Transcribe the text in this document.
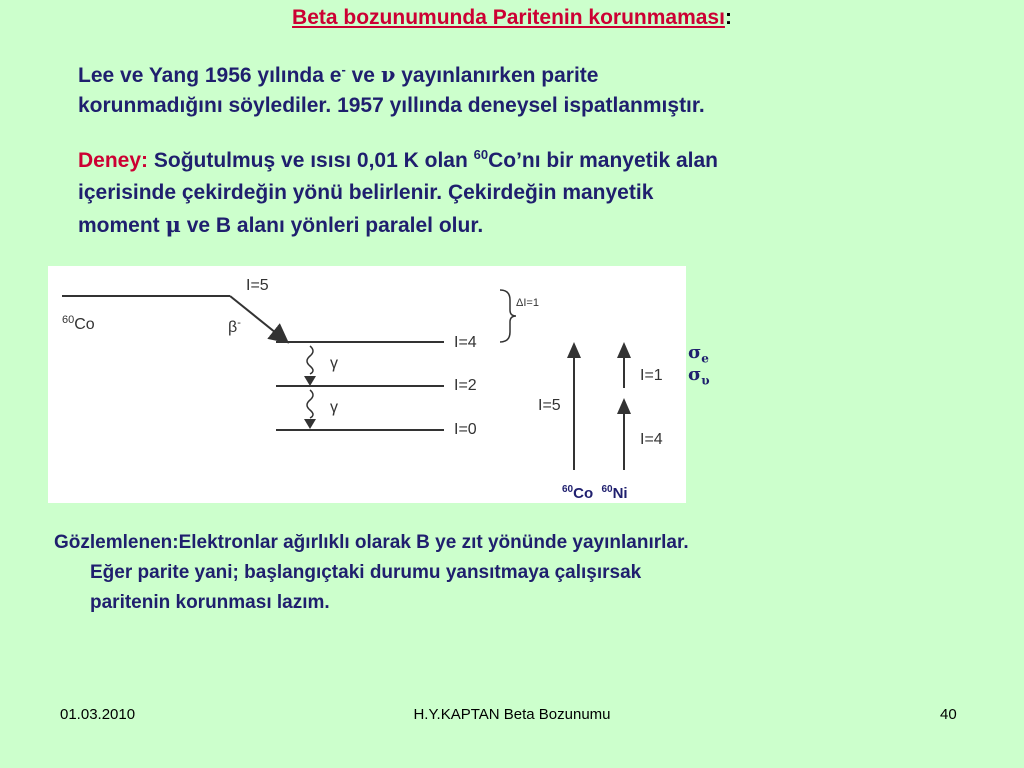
Beta bozunumunda Paritenin korunmaması:
Lee ve Yang 1956 yılında e- ve ν yayınlanırken parite
korunmadığını söylediler. 1957 yıllında deneysel ispatlanmıştır.
Deney: Soğutulmuş ve ısısı 0,01 K olan $^{60}$Co’nı bir manyetik alan
içerisinde çekirdeğin yönü belirlenir. Çekirdeğin manyetik
moment μ ve B alanı yönleri paralel olur.
$^{60}$Co	β-
I=5
ΔI=1
I=4
γ
I=2
γ
I=0
I=5
I=1
I=4
$\sigma_e$
$\sigma_\upsilon$
$^{60}$Co $^{60}$Ni
Gözlemlenen:Elektronlar ağırlıklı olarak B ye zıt yönünde yayınlanırlar.
Eğer parite yani; başlangıçtaki durumu yansıtmaya çalışırsak
paritenin korunması lazım.
01.03.2010	H.Y.KAPTAN Beta Bozunumu	40
